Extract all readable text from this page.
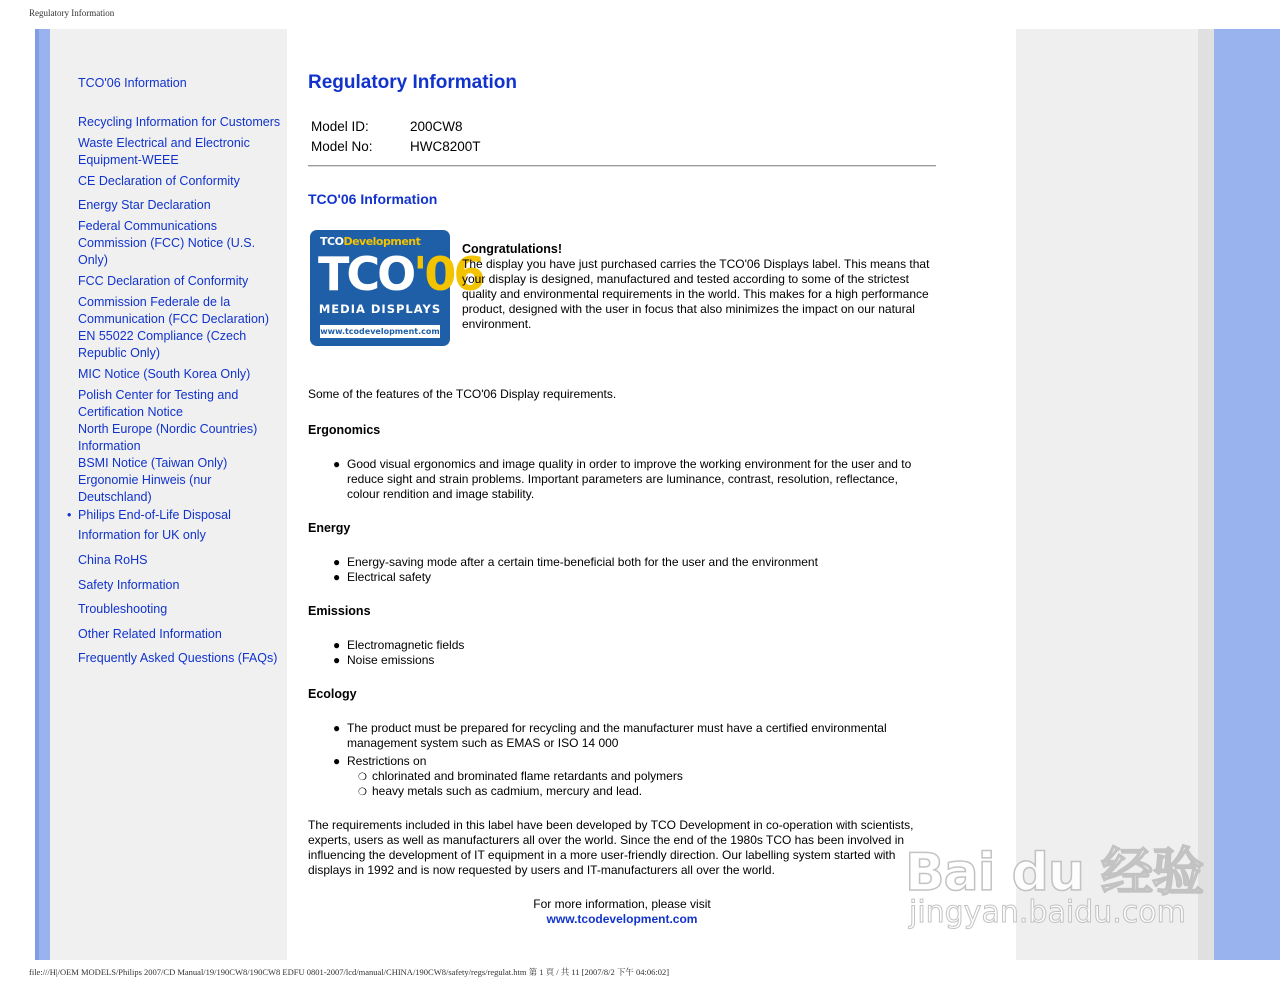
Regulatory Information
TCO'06 Information
Recycling Information for Customers
Waste Electrical and Electronic
Equipment-WEEE
CE Declaration of Conformity
Energy Star Declaration
Federal Communications
Commission (FCC) Notice (U.S.
Only)
FCC Declaration of Conformity
Commission Federale de la
Communication (FCC Declaration)
EN 55022 Compliance (Czech
Republic Only)
MIC Notice (South Korea Only)
Polish Center for Testing and
Certification Notice
North Europe (Nordic Countries)
Information
BSMI Notice (Taiwan Only)
Ergonomie Hinweis (nur
Deutschland)
• Philips End-of-Life Disposal
Information for UK only
China RoHS
Safety Information
Troubleshooting
Other Related Information
Frequently Asked Questions (FAQs)
Regulatory Information
Model ID:	200CW8
Model No:	HWC8200T
TCO'06 Information
TCODevelopment
TCO'06
MEDIA DISPLAYS
www.tcodevelopment.com
Congratulations!
The display you have just purchased carries the TCO'06 Displays label. This means that your display is designed, manufactured and tested according to some of the strictest quality and environmental requirements in the world. This makes for a high performance product, designed with the user in focus that also minimizes the impact on our natural environment.

Some of the features of the TCO'06 Display requirements.

Ergonomics
● Good visual ergonomics and image quality in order to improve the working environment for the user and to reduce sight and strain problems. Important parameters are luminance, contrast, resolution, reflectance, colour rendition and image stability.
Energy
● Energy-saving mode after a certain time-beneficial both for the user and the environment
● Electrical safety
Emissions
● Electromagnetic fields
● Noise emissions
Ecology
● The product must be prepared for recycling and the manufacturer must have a certified environmental management system such as EMAS or ISO 14 000
● Restrictions on
❍ chlorinated and brominated flame retardants and polymers
❍ heavy metals such as cadmium, mercury and lead.

The requirements included in this label have been developed by TCO Development in co-operation with scientists, experts, users as well as manufacturers all over the world. Since the end of the 1980s TCO has been involved in influencing the development of IT equipment in a more user-friendly direction. Our labelling system started with displays in 1992 and is now requested by users and IT-manufacturers all over the world.

For more information, please visit
www.tcodevelopment.com
Bai du 经验
jingyan.baidu.com
file:///H|/OEM MODELS/Philips 2007/CD Manual/19/190CW8/190CW8 EDFU 0801-2007/lcd/manual/CHINA/190CW8/safety/regs/regulat.htm 第 1 頁 / 共 11 [2007/8/2 下午 04:06:02]
